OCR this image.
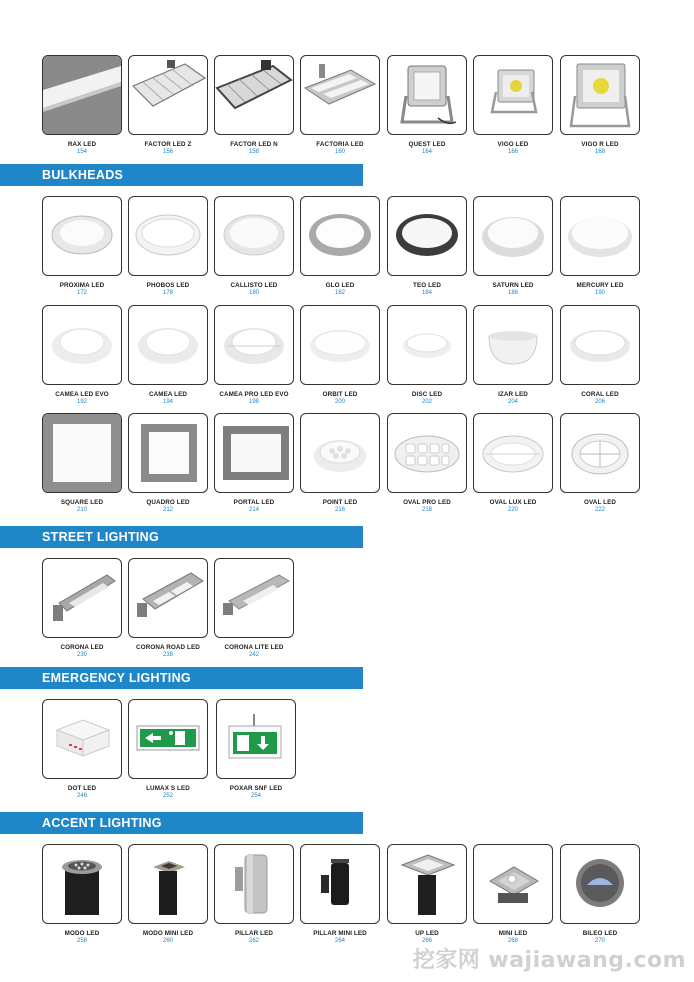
RAX LED
154
FACTOR LED Z
156
FACTOR LED N
158
FACTORIA LED
160
QUEST LED
164
VIGO LED
166
VIGO R LED
168
BULKHEADS
PROXIMA LED
172
PHOBOS LED
178
CALLISTO LED
180
GLO LED
182
TEO LED
184
SATURN LED
186
MERCURY LED
190
CAMEA LED EVO
192
CAMEA LED
194
CAMEA PRO LED EVO
198
ORBIT LED
200
DISC LED
202
IZAR LED
204
CORAL LED
206
SQUARE LED
210
QUADRO LED
212
PORTAL LED
214
POINT LED
216
OVAL PRO LED
218
OVAL LUX LED
220
OVAL LED
222
STREET LIGHTING
CORONA LED
230
CORONA ROAD LED
238
CORONA LITE LED
242
EMERGENCY LIGHTING
DOT LED
246
LUMAX S LED
252
POXAR SNF LED
254
ACCENT LIGHTING
MODO LED
258
MODO MINI LED
260
PILLAR LED
262
PILLAR MINI LED
264
UP LED
266
MINI LED
268
BILEO LED
270
挖家网 wajiawang.com
